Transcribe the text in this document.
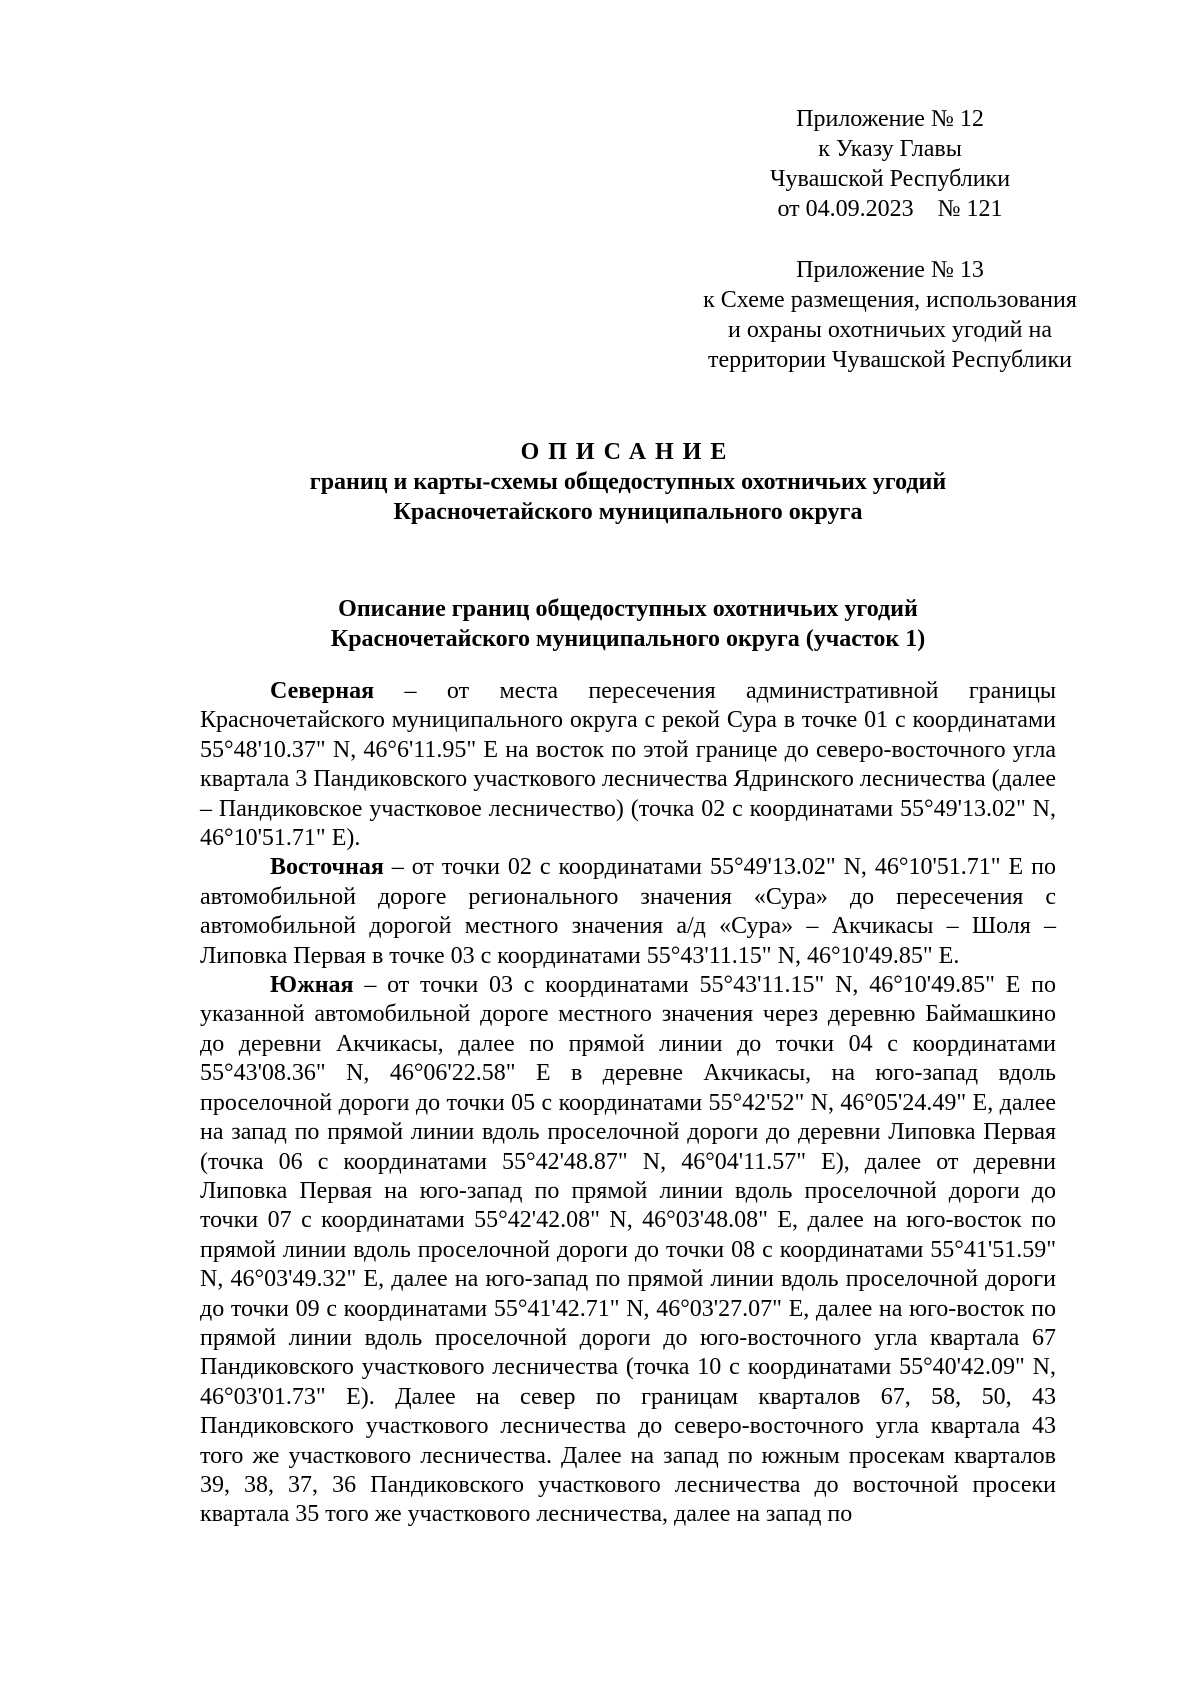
Приложение № 12
к Указу Главы
Чувашской Республики
от 04.09.2023    № 121
Приложение № 13
к Схеме размещения, использования
и охраны охотничьих угодий на
территории Чувашской Республики
ОПИСАНИЕ
границ и карты-схемы общедоступных охотничьих угодий
Красночетайского муниципального округа
Описание границ общедоступных охотничьих угодий
Красночетайского муниципального округа (участок 1)

Северная – от места пересечения административной границы Красночетайского муниципального округа с рекой Сура в точке 01 с координатами 55°48'10.37" N, 46°6'11.95" E на восток по этой границе до северо-восточного угла квартала 3 Пандиковского участкового лесничества Ядринского лесничества (далее – Пандиковское участковое лесничество) (точка 02 с координатами 55°49'13.02" N, 46°10'51.71" E).

Восточная – от точки 02 с координатами 55°49'13.02" N, 46°10'51.71" E по автомобильной дороге регионального значения «Сура» до пересечения с автомобильной дорогой местного значения а/д «Сура» – Акчикасы – Шоля – Липовка Первая в точке 03 с координатами 55°43'11.15" N, 46°10'49.85" E.

Южная – от точки 03 с координатами 55°43'11.15" N, 46°10'49.85" E по указанной автомобильной дороге местного значения через деревню Баймашкино до деревни Акчикасы, далее по прямой линии до точки 04 с координатами 55°43'08.36" N, 46°06'22.58" E в деревне Акчикасы, на юго-запад вдоль проселочной дороги до точки 05 с координатами 55°42'52" N, 46°05'24.49" E, далее на запад по прямой линии вдоль проселочной дороги до деревни Липовка Первая (точка 06 с координатами 55°42'48.87" N, 46°04'11.57" E), далее от деревни Липовка Первая на юго-запад по прямой линии вдоль проселочной дороги до точки 07 с координатами 55°42'42.08" N, 46°03'48.08" E, далее на юго-восток по прямой линии вдоль проселочной дороги до точки 08 с координатами 55°41'51.59" N, 46°03'49.32" E, далее на юго-запад по прямой линии вдоль проселочной дороги до точки 09 с координатами 55°41'42.71" N, 46°03'27.07" E, далее на юго-восток по прямой линии вдоль проселочной дороги до юго-восточного угла квартала 67 Пандиковского участкового лесничества (точка 10 с координатами 55°40'42.09" N, 46°03'01.73" E). Далее на север по границам кварталов 67, 58, 50, 43 Пандиковского участкового лесничества до северо-восточного угла квартала 43 того же участкового лесничества. Далее на запад по южным просекам кварталов 39, 38, 37, 36 Пандиковского участкового лесничества до восточной просеки квартала 35 того же участкового лесничества, далее на запад по
